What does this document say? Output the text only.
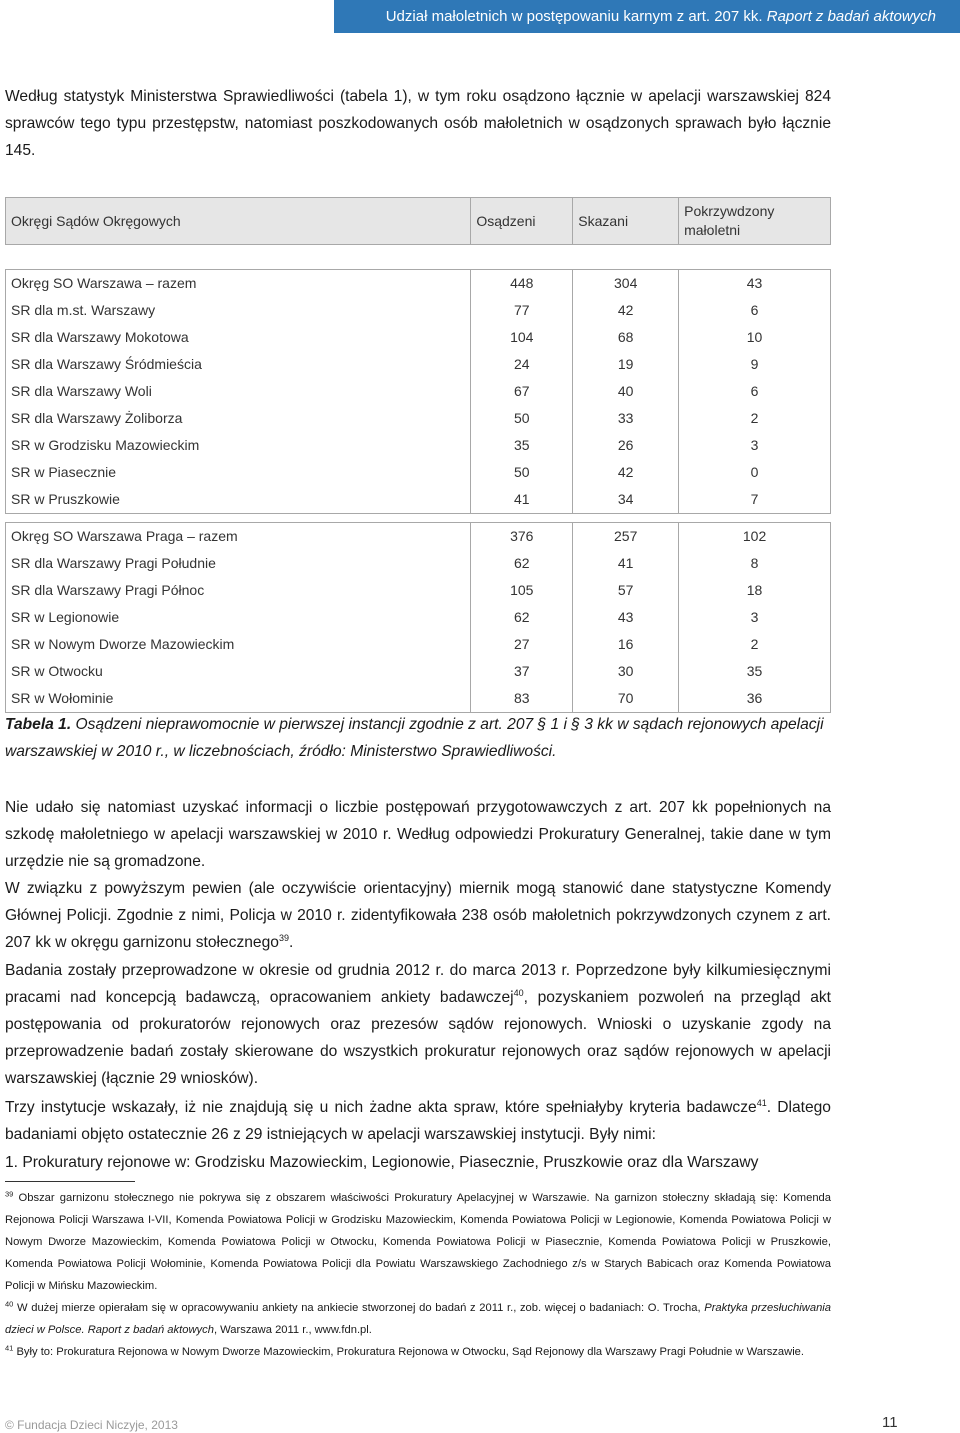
Udział małoletnich w postępowaniu karnym z art. 207 kk.
Raport z badań aktowych

Według statystyk Ministerstwa Sprawiedliwości (tabela 1), w tym roku osądzono łącznie w apelacji warszawskiej 824 sprawców tego typu przestępstw, natomiast poszkodowanych osób małoletnich w osądzonych sprawach było łącznie 145.

Okręgi Sądów Okręgowych	Osądzeni	Skazani	Pokrzywdzony małoletni

Okręg SO Warszawa – razem	448	304	43
SR dla m.st. Warszawy	77	42	6
SR dla Warszawy Mokotowa	104	68	10
SR dla Warszawy Śródmieścia	24	19	9
SR dla Warszawy Woli	67	40	6
SR dla Warszawy Żoliborza	50	33	2
SR w Grodzisku Mazowieckim	35	26	3
SR w Piasecznie	50	42	0
SR w Pruszkowie	41	34	7

Okręg SO Warszawa Praga – razem	376	257	102
SR dla Warszawy Pragi Południe	62	41	8
SR dla Warszawy Pragi Północ	105	57	18
SR w Legionowie	62	43	3
SR w Nowym Dworze Mazowieckim	27	16	2
SR w Otwocku	37	30	35
SR w Wołominie	83	70	36

Tabela 1. Osądzeni nieprawomocnie w pierwszej instancji zgodnie z art. 207 § 1 i § 3 kk w sądach rejonowych apelacji warszawskiej w 2010 r., w liczebnościach, źródło: Ministerstwo Sprawiedliwości.

Nie udało się natomiast uzyskać informacji o liczbie postępowań przygotowawczych z art. 207 kk popełnionych na szkodę małoletniego w apelacji warszawskiej w 2010 r. Według odpowiedzi Prokuratury Generalnej, takie dane w tym urzędzie nie są gromadzone.

W związku z powyższym pewien (ale oczywiście orientacyjny) miernik mogą stanowić dane statystyczne Komendy Głównej Policji. Zgodnie z nimi, Policja w 2010 r. zidentyfikowała 238 osób małoletnich pokrzywdzonych czynem z art. 207 kk w okręgu garnizonu stołecznego$^{39}$.

Badania zostały przeprowadzone w okresie od grudnia 2012 r. do marca 2013 r. Poprzedzone były kilkumiesięcznymi pracami nad koncepcją badawczą, opracowaniem ankiety badawczej$^{40}$, pozyskaniem pozwoleń na przegląd akt postępowania od prokuratorów rejonowych oraz prezesów sądów rejonowych. Wnioski o uzyskanie zgody na przeprowadzenie badań zostały skierowane do wszystkich prokuratur rejonowych oraz sądów rejonowych w apelacji warszawskiej (łącznie 29 wniosków).

Trzy instytucje wskazały, iż nie znajdują się u nich żadne akta spraw, które spełniałyby kryteria badawcze$^{41}$. Dlatego badaniami objęto ostatecznie 26 z 29 istniejących w apelacji warszawskiej instytucji. Były nimi:

1. Prokuratury rejonowe w: Grodzisku Mazowieckim, Legionowie, Piasecznie, Pruszkowie oraz dla Warszawy

$^{39}$ Obszar garnizonu stołecznego nie pokrywa się z obszarem właściwości Prokuratury Apelacyjnej w Warszawie. Na garnizon stołeczny składają się: Komenda Rejonowa Policji Warszawa I-VII, Komenda Powiatowa Policji w Grodzisku Mazowieckim, Komenda Powiatowa Policji w Legionowie, Komenda Powiatowa Policji w Nowym Dworze Mazowieckim, Komenda Powiatowa Policji w Otwocku, Komenda Powiatowa Policji w Piasecznie, Komenda Powiatowa Policji w Pruszkowie, Komenda Powiatowa Policji Wołominie, Komenda Powiatowa Policji dla Powiatu Warszawskiego Zachodniego z/s w Starych Babicach oraz Komenda Powiatowa Policji w Mińsku Mazowieckim.

$^{40}$ W dużej mierze opierałam się w opracowywaniu ankiety na ankiecie stworzonej do badań z 2011 r., zob. więcej o badaniach: O. Trocha, Praktyka przesłuchiwania dzieci w Polsce. Raport z badań aktowych, Warszawa 2011 r., www.fdn.pl.

$^{41}$ Były to: Prokuratura Rejonowa w Nowym Dworze Mazowieckim, Prokuratura Rejonowa w Otwocku, Sąd Rejonowy dla Warszawy Pragi Południe w Warszawie.

© Fundacja Dzieci Niczyje, 2013	11
